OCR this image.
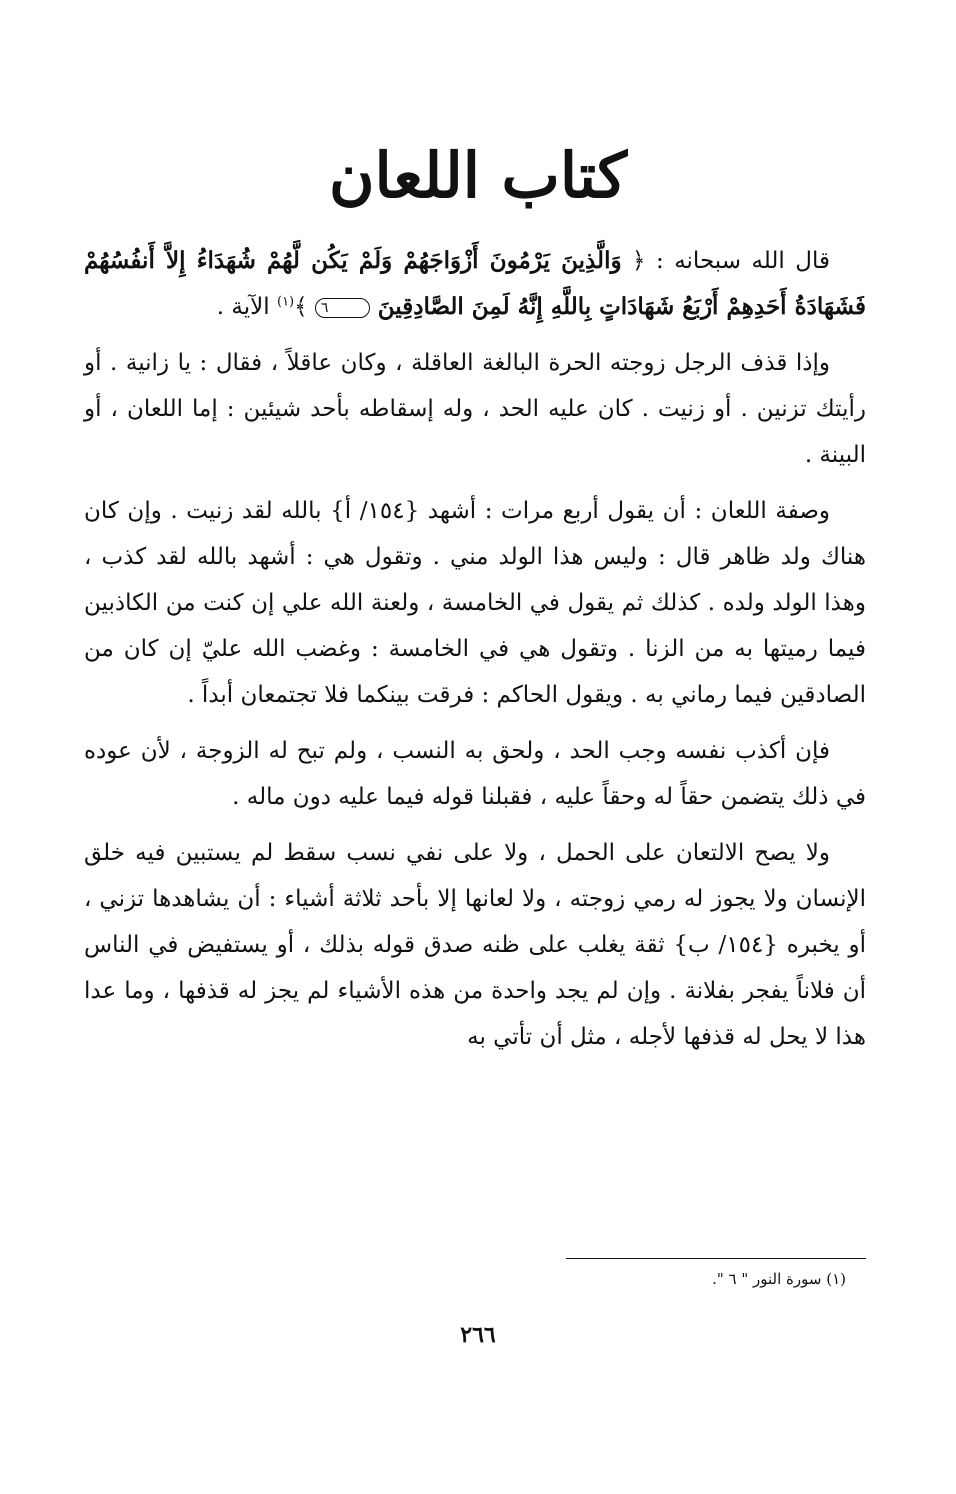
كتاب اللعان

قال الله سبحانه : ﴿ وَالَّذِينَ يَرْمُونَ أَزْوَاجَهُمْ وَلَمْ يَكُن لَّهُمْ شُهَدَاءُ إِلاَّ أَنفُسُهُمْ فَشَهَادَةُ أَحَدِهِمْ أَرْبَعُ شَهَادَاتٍ بِاللَّهِ إِنَّهُ لَمِنَ الصَّادِقِينَ ٦ ﴾$^{(١)}$ الآية .

وإذا قذف الرجل زوجته الحرة البالغة العاقلة ، وكان عاقلاً ، فقال : يا زانية . أو رأيتك تزنين . أو زنيت . كان عليه الحد ، وله إسقاطه بأحد شيئين : إما اللعان ، أو البينة .

وصفة اللعان : أن يقول أربع مرات : أشهد {١٥٤/ أ} بالله لقد زنيت . وإن كان هناك ولد ظاهر قال : وليس هذا الولد مني . وتقول هي : أشهد بالله لقد كذب ، وهذا الولد ولده . كذلك ثم يقول في الخامسة ، ولعنة الله علي إن كنت من الكاذبين فيما رميتها به من الزنا . وتقول هي في الخامسة : وغضب الله عليّ إن كان من الصادقين فيما رماني به . ويقول الحاكم : فرقت بينكما فلا تجتمعان أبداً .

فإن أكذب نفسه وجب الحد ، ولحق به النسب ، ولم تبح له الزوجة ، لأن عوده في ذلك يتضمن حقاً له وحقاً عليه ، فقبلنا قوله فيما عليه دون ماله .

ولا يصح الالتعان على الحمل ، ولا على نفي نسب سقط لم يستبين فيه خلق الإنسان ولا يجوز له رمي زوجته ، ولا لعانها إلا بأحد ثلاثة أشياء : أن يشاهدها تزني ، أو يخبره {١٥٤/ ب} ثقة يغلب على ظنه صدق قوله بذلك ، أو يستفيض في الناس أن فلاناً يفجر بفلانة . وإن لم يجد واحدة من هذه الأشياء لم يجز له قذفها ، وما عدا هذا لا يحل له قذفها لأجله ، مثل أن تأتي به

(١) سورة النور " ٦ ".
٢٦٦
